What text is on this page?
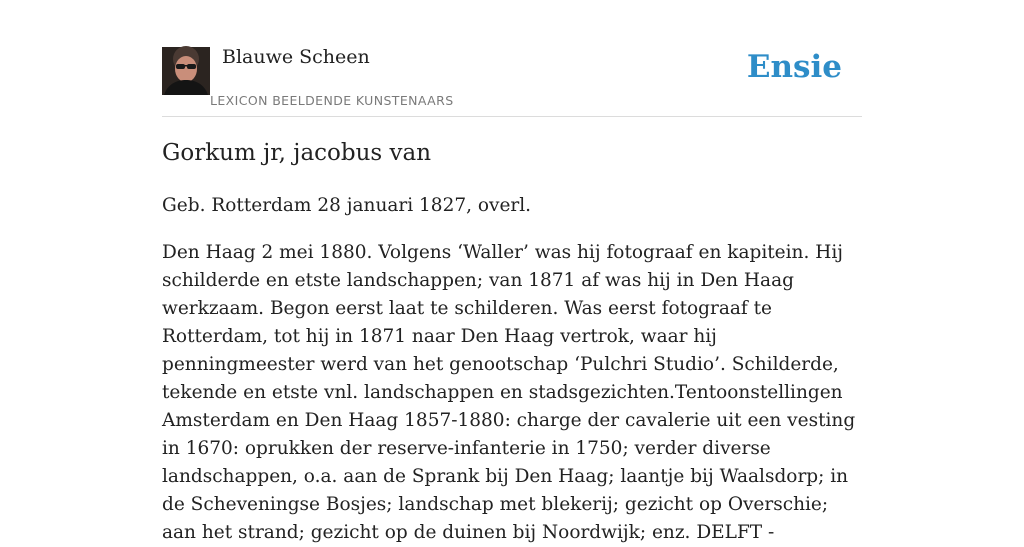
Blauwe Scheen
LEXICON BEELDENDE KUNSTENAARS
Ensie
Gorkum jr, jacobus van

Geb. Rotterdam 28 januari 1827, overl.

Den Haag 2 mei 1880. Volgens ‘Waller’ was hij fotograaf en kapitein. Hij schilderde en etste landschappen; van 1871 af was hij in Den Haag werkzaam. Begon eerst laat te schilderen. Was eerst fotograaf te Rotterdam, tot hij in 1871 naar Den Haag vertrok, waar hij penningmeester werd van het genootschap ‘Pulchri Studio’. Schilderde, tekende en etste vnl. landschappen en stadsgezichten.Tentoonstellingen Amsterdam en Den Haag 1857-1880: charge der cavalerie uit een vesting in 1670: oprukken der reserve-infanterie in 1750; verder diverse landschappen, o.a. aan de Sprank bij Den Haag; laantje bij Waalsdorp; in de Scheveningse Bosjes; landschap met blekerij; gezicht op Overschie; aan het strand; gezicht op de duinen bij Noordwijk; enz. DELFT -
